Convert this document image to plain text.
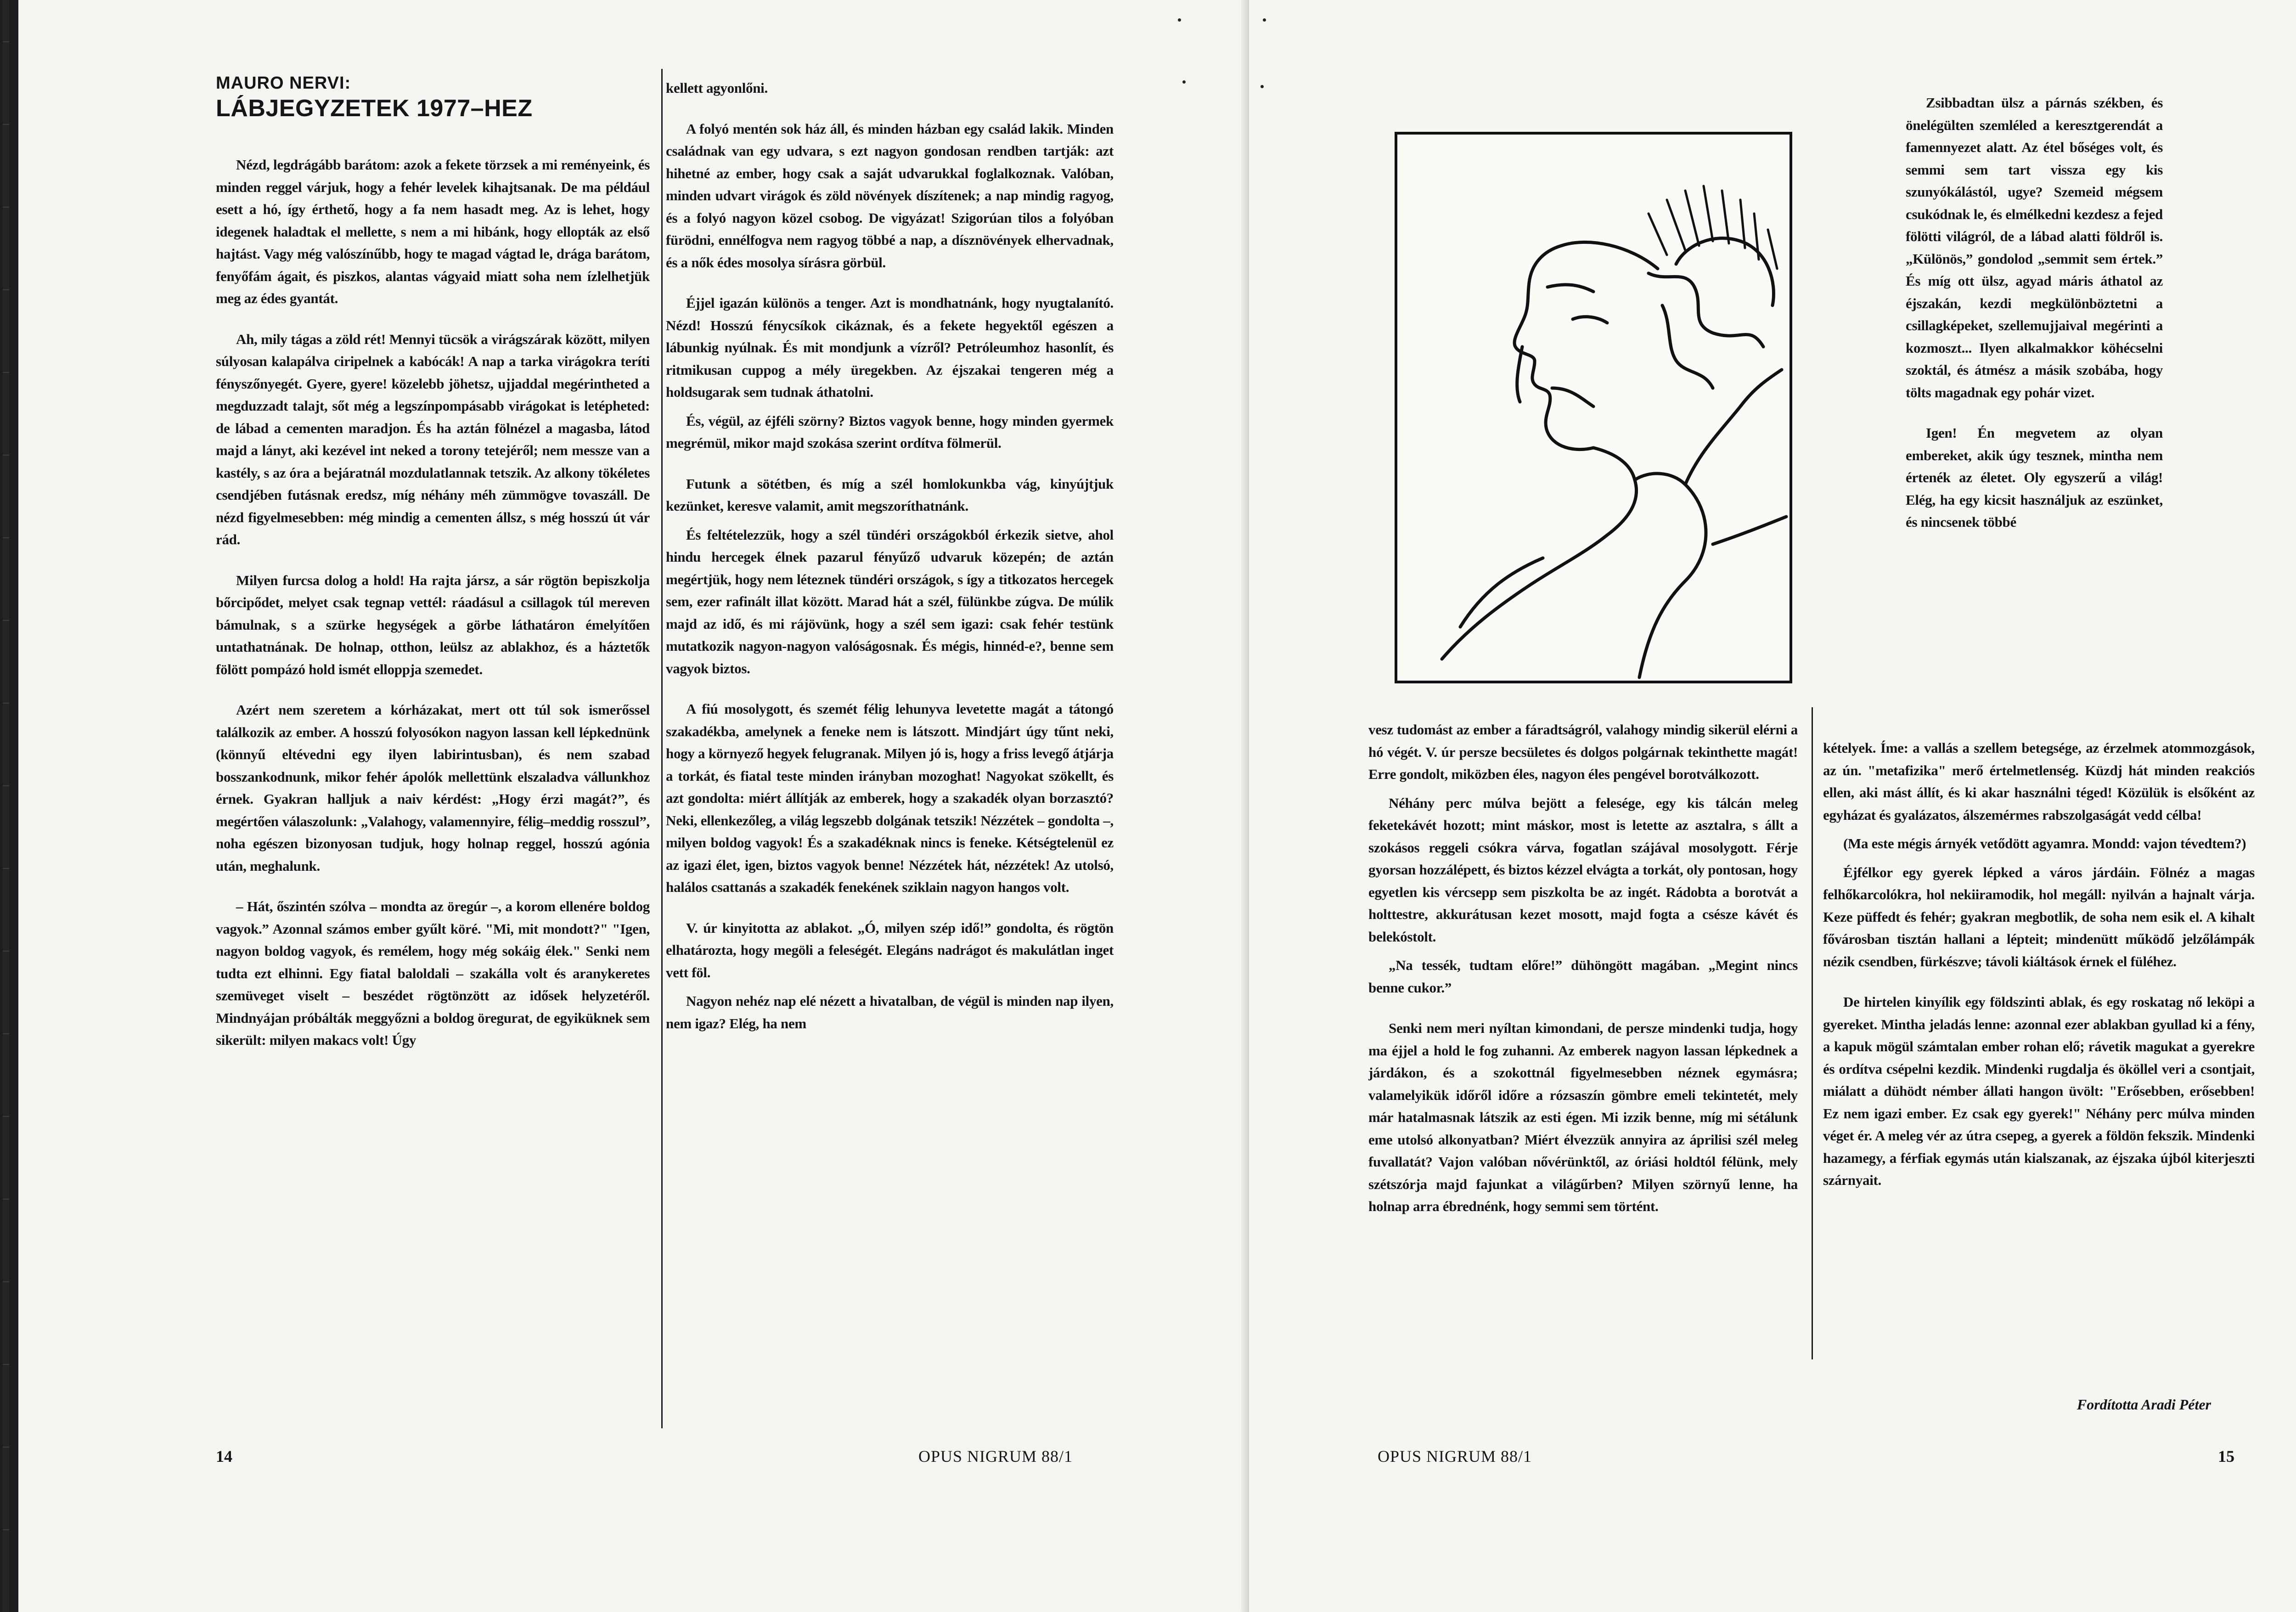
MAURO NERVI:
LÁBJEGYZETEK 1977–HEZ

Nézd, legdrágább barátom: azok a fekete törzsek a mi reményeink, és minden reggel várjuk, hogy a fehér levelek kihajtsanak. De ma például esett a hó, így érthető, hogy a fa nem hasadt meg. Az is lehet, hogy idegenek haladtak el mellette, s nem a mi hibánk, hogy ellopták az első hajtást. Vagy még valószínűbb, hogy te magad vágtad le, drága barátom, fenyőfám ágait, és piszkos, alantas vágyaid miatt soha nem ízlelhetjük meg az édes gyantát.

Ah, mily tágas a zöld rét! Mennyi tücsök a virágszárak között, milyen súlyosan kalapálva ciripelnek a kabócák! A nap a tarka virágokra teríti fényszőnyegét. Gyere, gyere! közelebb jöhetsz, ujjaddal megérintheted a megduzzadt talajt, sőt még a legszínpompásabb virágokat is letépheted: de lábad a cementen maradjon. És ha aztán fölnézel a magasba, látod majd a lányt, aki kezével int neked a torony tetejéről; nem messze van a kastély, s az óra a bejáratnál mozdulatlannak tetszik. Az alkony tökéletes csendjében futásnak eredsz, míg néhány méh zümmögve tovaszáll. De nézd figyelmesebben: még mindig a cementen állsz, s még hosszú út vár rád.

Milyen furcsa dolog a hold! Ha rajta jársz, a sár rögtön bepiszkolja bőrcipődet, melyet csak tegnap vettél: ráadásul a csillagok túl mereven bámulnak, s a szürke hegységek a görbe láthatáron émelyítően untathatnának. De holnap, otthon, leülsz az ablakhoz, és a háztetők fölött pompázó hold ismét elloppja szemedet.

Azért nem szeretem a kórházakat, mert ott túl sok ismerőssel találkozik az ember. A hosszú folyosókon nagyon lassan kell lépkednünk (könnyű eltévedni egy ilyen labirintusban), és nem szabad bosszankodnunk, mikor fehér ápolók mellettünk elszaladva vállunkhoz érnek. Gyakran halljuk a naiv kérdést: „Hogy érzi magát?”, és megértően válaszolunk: „Valahogy, valamennyire, félig–meddig rosszul”, noha egészen bizonyosan tudjuk, hogy holnap reggel, hosszú agónia után, meghalunk.

– Hát, őszintén szólva – mondta az öregúr –, a korom ellenére boldog vagyok.” Azonnal számos ember gyűlt köré. "Mi, mit mondott?" "Igen, nagyon boldog vagyok, és remélem, hogy még sokáig élek." Senki nem tudta ezt elhinni. Egy fiatal baloldali – szakálla volt és aranykeretes szemüveget viselt – beszédet rögtönzött az idősek helyzetéről. Mindnyájan próbálták meggyőzni a boldog öregurat, de egyiküknek sem sikerült: milyen makacs volt! Úgy

kellett agyonlőni.

A folyó mentén sok ház áll, és minden házban egy család lakik. Minden családnak van egy udvara, s ezt nagyon gondosan rendben tartják: azt hihetné az ember, hogy csak a saját udvarukkal foglalkoznak. Valóban, minden udvart virágok és zöld növények díszítenek; a nap mindig ragyog, és a folyó nagyon közel csobog. De vigyázat! Szigorúan tilos a folyóban fürödni, ennélfogva nem ragyog többé a nap, a dísznövények elhervadnak, és a nők édes mosolya sírásra görbül.

Éjjel igazán különös a tenger. Azt is mondhatnánk, hogy nyugtalanító. Nézd! Hosszú fénycsíkok cikáznak, és a fekete hegyektől egészen a lábunkig nyúlnak. És mit mondjunk a vízről? Petróleumhoz hasonlít, és ritmikusan cuppog a mély üregekben. Az éjszakai tengeren még a holdsugarak sem tudnak áthatolni.

És, végül, az éjféli szörny? Biztos vagyok benne, hogy minden gyermek megrémül, mikor majd szokása szerint ordítva fölmerül.

Futunk a sötétben, és míg a szél homlokunkba vág, kinyújtjuk kezünket, keresve valamit, amit megszoríthatnánk.

És feltételezzük, hogy a szél tündéri országokból érkezik sietve, ahol hindu hercegek élnek pazarul fényűző udvaruk közepén; de aztán megértjük, hogy nem léteznek tündéri országok, s így a titkozatos hercegek sem, ezer rafinált illat között. Marad hát a szél, fülünkbe zúgva. De múlik majd az idő, és mi rájövünk, hogy a szél sem igazi: csak fehér testünk mutatkozik nagyon-nagyon valóságosnak. És mégis, hinnéd-e?, benne sem vagyok biztos.

A fiú mosolygott, és szemét félig lehunyva levetette magát a tátongó szakadékba, amelynek a feneke nem is látszott. Mindjárt úgy tűnt neki, hogy a környező hegyek felugranak. Milyen jó is, hogy a friss levegő átjárja a torkát, és fiatal teste minden irányban mozoghat! Nagyokat szökellt, és azt gondolta: miért állítják az emberek, hogy a szakadék olyan borzasztó? Neki, ellenkezőleg, a világ legszebb dolgának tetszik! Nézzétek – gondolta –, milyen boldog vagyok! És a szakadéknak nincs is feneke. Kétségtelenül ez az igazi élet, igen, biztos vagyok benne! Nézzétek hát, nézzétek! Az utolsó, halálos csattanás a szakadék fenekének sziklain nagyon hangos volt.

V. úr kinyitotta az ablakot. „Ó, milyen szép idő!” gondolta, és rögtön elhatározta, hogy megöli a feleségét. Elegáns nadrágot és makulátlan inget vett föl.

Nagyon nehéz nap elé nézett a hivatalban, de végül is minden nap ilyen, nem igaz? Elég, ha nem

14	OPUS NIGRUM 88/1

Zsibbadtan ülsz a párnás székben, és önelégülten szemléled a keresztgerendát a famennyezet alatt. Az étel bőséges volt, és semmi sem tart vissza egy kis szunyókálástól, ugye? Szemeid mégsem csukódnak le, és elmélkedni kezdesz a fejed fölötti világról, de a lábad alatti földről is. „Különös,” gondolod „semmit sem értek.” És míg ott ülsz, agyad máris áthatol az éjszakán, kezdi megkülönböztetni a csillagképeket, szellemujjaival megérinti a kozmoszt... Ilyen alkalmakkor köhécselni szoktál, és átmész a másik szobába, hogy tölts magadnak egy pohár vizet.

Igen! Én megvetem az olyan embereket, akik úgy tesznek, mintha nem értenék az életet. Oly egyszerű a világ! Elég, ha egy kicsit használjuk az eszünket, és nincsenek többé

vesz tudomást az ember a fáradtságról, valahogy mindig sikerül elérni a hó végét. V. úr persze becsületes és dolgos polgárnak tekinthette magát! Erre gondolt, miközben éles, nagyon éles pengével borotválkozott.

Néhány perc múlva bejött a felesége, egy kis tálcán meleg feketekávét hozott; mint máskor, most is letette az asztalra, s állt a szokásos reggeli csókra várva, fogatlan szájával mosolygott. Férje gyorsan hozzálépett, és biztos kézzel elvágta a torkát, oly pontosan, hogy egyetlen kis vércsepp sem piszkolta be az ingét. Rádobta a borotvát a holttestre, akkurátusan kezet mosott, majd fogta a csésze kávét és belekóstolt.

„Na tessék, tudtam előre!” dühöngött magában. „Megint nincs benne cukor.”

Senki nem meri nyíltan kimondani, de persze mindenki tudja, hogy ma éjjel a hold le fog zuhanni. Az emberek nagyon lassan lépkednek a járdákon, és a szokottnál figyelmesebben néznek egymásra; valamelyikük időről időre a rózsaszín gömbre emeli tekintetét, mely már hatalmasnak látszik az esti égen. Mi izzik benne, míg mi sétálunk eme utolsó alkonyatban? Miért élvezzük annyira az áprilisi szél meleg fuvallatát? Vajon valóban nővérünktől, az óriási holdtól félünk, mely szétszórja majd fajunkat a világűrben? Milyen szörnyű lenne, ha holnap arra ébrednénk, hogy semmi sem történt.

kételyek. Íme: a vallás a szellem betegsége, az érzelmek atommozgások, az ún. "metafizika" merő értelmetlenség. Küzdj hát minden reakciós ellen, aki mást állít, és ki akar használni téged! Közülük is elsőként az egyházat és gyalázatos, álszemérmes rabszolgaságát vedd célba!

(Ma este mégis árnyék vetődött agyamra. Mondd: vajon tévedtem?)

Éjfélkor egy gyerek lépked a város járdáin. Fölnéz a magas felhőkarcolókra, hol nekiiramodik, hol megáll: nyilván a hajnalt várja. Keze püffedt és fehér; gyakran megbotlik, de soha nem esik el. A kihalt fővárosban tisztán hallani a lépteit; mindenütt működő jelzőlámpák nézik csendben, fürkészve; távoli kiáltások érnek el füléhez.

De hirtelen kinyílik egy földszinti ablak, és egy roskatag nő leköpi a gyereket. Mintha jeladás lenne: azonnal ezer ablakban gyullad ki a fény, a kapuk mögül számtalan ember rohan elő; rávetik magukat a gyerekre és ordítva csépelni kezdik. Mindenki rugdalja és ököllel veri a csontjait, miálatt a dühödt némber állati hangon üvölt: "Erősebben, erősebben! Ez nem igazi ember. Ez csak egy gyerek!" Néhány perc múlva minden véget ér. A meleg vér az útra csepeg, a gyerek a földön fekszik. Mindenki hazamegy, a férfiak egymás után kialszanak, az éjszaka újból kiterjeszti szárnyait.

Fordította Aradi Péter
OPUS NIGRUM 88/1	15
